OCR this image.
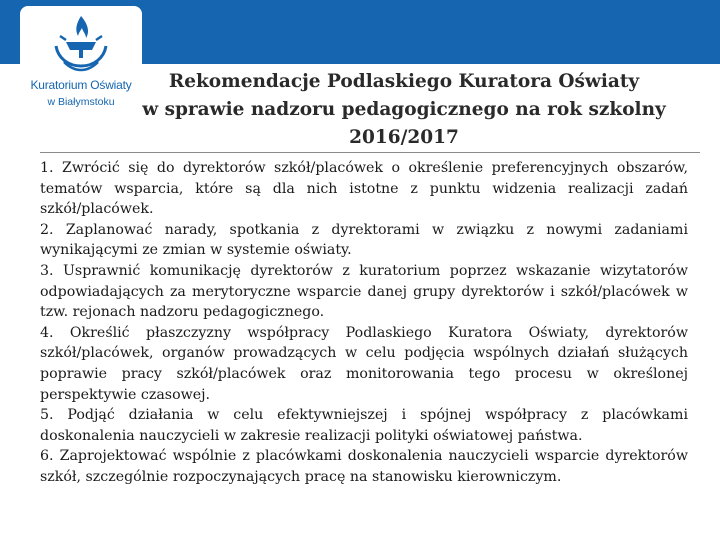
Kuratorium Oświaty
w Białymstoku
Rekomendacje Podlaskiego Kuratora Oświaty
w sprawie nadzoru pedagogicznego na rok szkolny
2016/2017

1. Zwrócić się do dyrektorów szkół/placówek o określenie preferencyjnych obszarów, tematów wsparcia, które są dla nich istotne z punktu widzenia realizacji zadań szkół/placówek.

2. Zaplanować narady, spotkania z dyrektorami w związku z nowymi zadaniami wynikającymi ze zmian w systemie oświaty.

3. Usprawnić komunikację dyrektorów z kuratorium poprzez wskazanie wizytatorów odpowiadających za merytoryczne wsparcie danej grupy dyrektorów i szkół/placówek w tzw. rejonach nadzoru pedagogicznego.

4. Określić płaszczyzny współpracy Podlaskiego Kuratora Oświaty, dyrektorów szkół/placówek, organów prowadzących w celu podjęcia wspólnych działań służących poprawie pracy szkół/placówek oraz monitorowania tego procesu w określonej perspektywie czasowej.

5. Podjąć działania w celu efektywniejszej i spójnej współpracy z placówkami doskonalenia nauczycieli w zakresie realizacji polityki oświatowej państwa.

6. Zaprojektować wspólnie z placówkami doskonalenia nauczycieli wsparcie dyrektorów szkół, szczególnie rozpoczynających pracę na stanowisku kierowniczym.
